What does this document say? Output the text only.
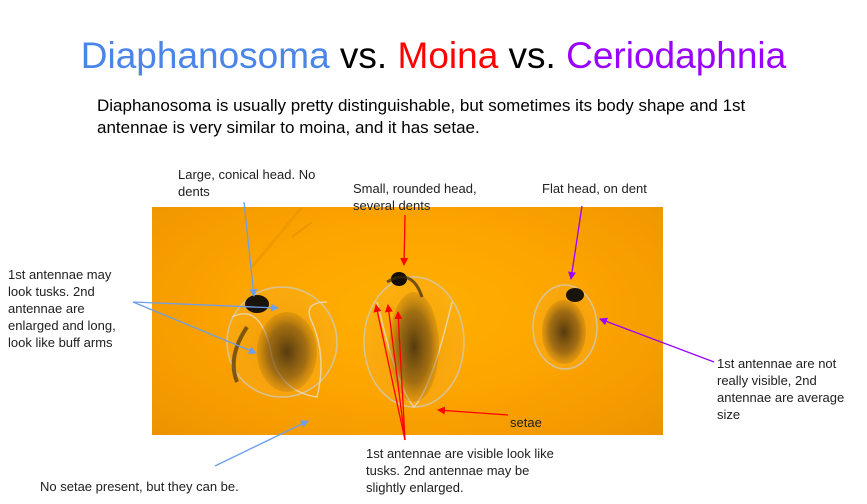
Diaphanosoma vs. Moina vs. Ceriodaphnia
Diaphanosoma is usually pretty distinguishable, but sometimes its body shape and 1st antennae is very similar to moina, and it has setae.
Large, conical head. No dents	Small, rounded head, several dents
Flat head, on dent
1st antennae may look tusks. 2nd antennae are enlarged and long, look like buff arms
1st antennae are not really visible, 2nd antennae are average size
setae
1st antennae are visible look like tusks. 2nd antennae may be slightly enlarged.
No setae present, but they can be.
